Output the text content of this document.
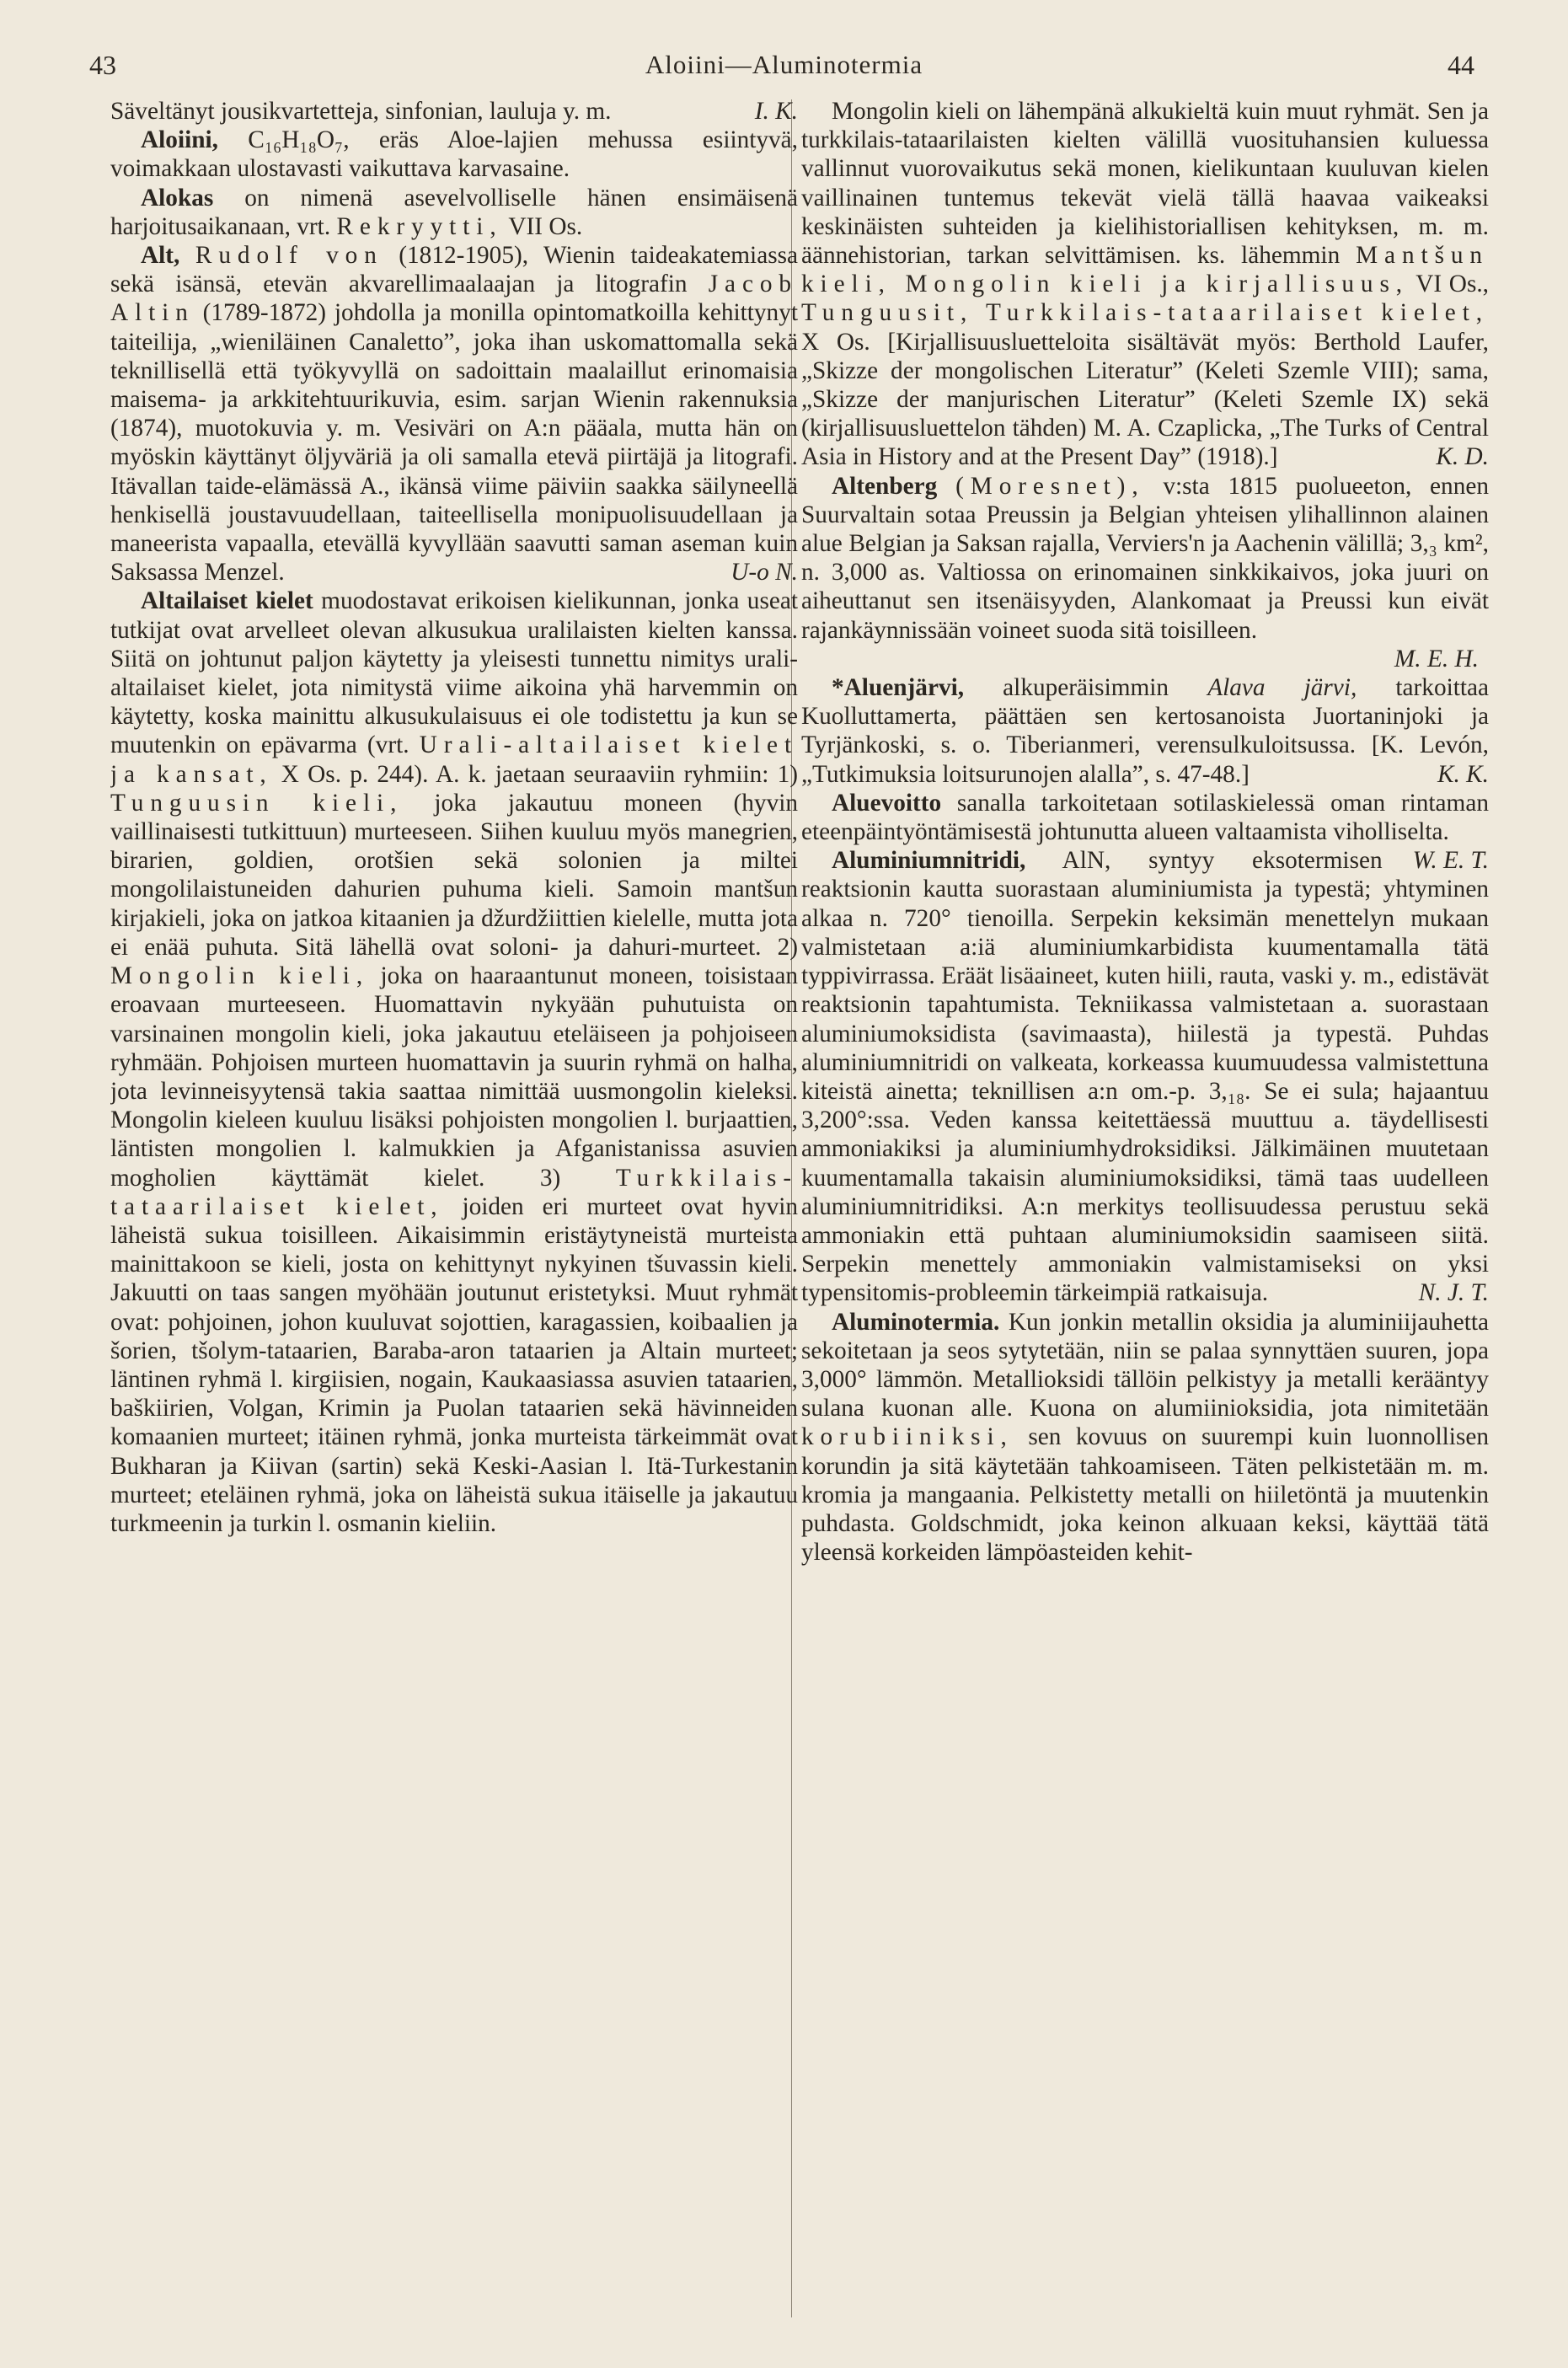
43	Aloiini—Aluminotermia	44

Säveltänyt jousikvartetteja, sinfonian, lauluja y. m.	I. K.

Aloiini, C₁₆H₁₈O₇, eräs Aloe-lajien mehussa esiintyvä, voimakkaan ulostavasti vaikuttava karvasaine.

Alokas on nimenä asevelvolliselle hänen ensimäisenä harjoitusaikanaan, vrt. Rekryytti, VII Os.

Alt, Rudolf von (1812-1905), Wienin taideakatemiassa sekä isänsä, etevän akvarellimaalaajan ja litografin Jacob Altin (1789-1872) johdolla ja monilla opintomatkoilla kehittynyt taiteilija, „wieniläinen Canaletto”, joka ihan uskomattomalla sekä teknillisellä että työkyvyllä on sadoittain maalaillut erinomaisia maisema- ja arkkitehtuurikuvia, esim. sarjan Wienin rakennuksia (1874), muotokuvia y. m. Vesiväri on A:n pääala, mutta hän on myöskin käyttänyt öljyväriä ja oli samalla etevä piirtäjä ja litografi. Itävallan taide-elämässä A., ikänsä viime päiviin saakka säilyneellä henkisellä joustavuudellaan, taiteellisella monipuolisuudellaan ja maneerista vapaalla, etevällä kyvyllään saavutti saman aseman kuin Saksassa Menzel.	U-o N.

Altailaiset kielet muodostavat erikoisen kielikunnan, jonka useat tutkijat ovat arvelleet olevan alkusukua uralilaisten kielten kanssa. Siitä on johtunut paljon käytetty ja yleisesti tunnettu nimitys urali-altailaiset kielet, jota nimitystä viime aikoina yhä harvemmin on käytetty, koska mainittu alkusukulaisuus ei ole todistettu ja kun se muutenkin on epävarma (vrt. Urali-altailaiset kielet ja kansat, X Os. p. 244). A. k. jaetaan seuraaviin ryhmiin: 1) Tunguusin kieli, joka jakautuu moneen (hyvin vaillinaisesti tutkittuun) murteeseen. Siihen kuuluu myös manegrien, birarien, goldien, orotšien sekä solonien ja miltei mongolilaistuneiden dahurien puhuma kieli. Samoin mantšun kirjakieli, joka on jatkoa kitaanien ja džurdžiittien kielelle, mutta jota ei enää puhuta. Sitä lähellä ovat soloni- ja dahuri-murteet. 2) Mongolin kieli, joka on haaraantunut moneen, toisistaan eroavaan murteeseen. Huomattavin nykyään puhutuista on varsinainen mongolin kieli, joka jakautuu eteläiseen ja pohjoiseen ryhmään. Pohjoisen murteen huomattavin ja suurin ryhmä on halha, jota levinneisyytensä takia saattaa nimittää uusmongolin kieleksi. Mongolin kieleen kuuluu lisäksi pohjoisten mongolien l. burjaattien, läntisten mongolien l. kalmukkien ja Afganistanissa asuvien mogholien käyttämät kielet. 3) Turkkilais-tataarilaiset kielet, joiden eri murteet ovat hyvin läheistä sukua toisilleen. Aikaisimmin eristäytyneistä murteista mainittakoon se kieli, josta on kehittynyt nykyinen tšuvassin kieli. Jakuutti on taas sangen myöhään joutunut eristetyksi. Muut ryhmät ovat: pohjoinen, johon kuuluvat sojottien, karagassien, koibaalien ja šorien, tšolym-tataarien, Baraba-aron tataarien ja Altain murteet; läntinen ryhmä l. kirgiisien, nogain, Kaukaasiassa asuvien tataarien, baškiirien, Volgan, Krimin ja Puolan tataarien sekä hävinneiden komaanien murteet; itäinen ryhmä, jonka murteista tärkeimmät ovat Bukharan ja Kiivan (sartin) sekä Keski-Aasian l. Itä-Turkestanin murteet; eteläinen ryhmä, joka on läheistä sukua itäiselle ja jakautuu turkmeenin ja turkin l. osmanin kieliin.

Mongolin kieli on lähempänä alkukieltä kuin muut ryhmät. Sen ja turkkilais-tataarilaisten kielten välillä vuosituhansien kuluessa vallinnut vuorovaikutus sekä monen, kielikuntaan kuuluvan kielen vaillinainen tuntemus tekevät vielä tällä haavaa vaikeaksi keskinäisten suhteiden ja kielihistoriallisen kehityksen, m. m. äännehistorian, tarkan selvittämisen. ks. lähemmin Mantšun kieli, Mongolin kieli ja kirjallisuus, VI Os., Tunguusit, Turkkilais-tataarilaiset kielet, X Os. [Kirjallisuusluetteloita sisältävät myös: Berthold Laufer, „Skizze der mongolischen Literatur” (Keleti Szemle VIII); sama, „Skizze der manjurischen Literatur” (Keleti Szemle IX) sekä (kirjallisuusluettelon tähden) M. A. Czaplicka, „The Turks of Central Asia in History and at the Present Day” (1918).]	K. D.

Altenberg (Moresnet), v:sta 1815 puolueeton, ennen Suurvaltain sotaa Preussin ja Belgian yhteisen ylihallinnon alainen alue Belgian ja Saksan rajalla, Verviers'n ja Aachenin välillä; 3,₃ km², n. 3,000 as. Valtiossa on erinomainen sinkkikaivos, joka juuri on aiheuttanut sen itsenäisyyden, Alankomaat ja Preussi kun eivät rajankäynnissään voineet suoda sitä toisilleen.
M. E. H.

*Aluenjärvi, alkuperäisimmin Alava järvi, tarkoittaa Kuolluttamerta, päättäen sen kertosanoista Juortaninjoki ja Tyrjänkoski, s. o. Tiberianmeri, verensulkuloitsussa. [K. Levón, „Tutkimuksia loitsurunojen alalla”, s. 47-48.]	K. K.

Aluevoitto sanalla tarkoitetaan sotilaskielessä oman rintaman eteenpäintyöntämisestä johtunutta alueen valtaamista viholliselta.
W. E. T.

Aluminiumnitridi, AlN, syntyy eksotermisen reaktsionin kautta suorastaan aluminiumista ja typestä; yhtyminen alkaa n. 720° tienoilla. Serpekin keksimän menettelyn mukaan valmistetaan a:iä aluminiumkarbidista kuumentamalla tätä typpivirrassa. Eräät lisäaineet, kuten hiili, rauta, vaski y. m., edistävät reaktsionin tapahtumista. Tekniikassa valmistetaan a. suorastaan aluminiumoksidista (savimaasta), hiilestä ja typestä. Puhdas aluminiumnitridi on valkeata, korkeassa kuumuudessa valmistettuna kiteistä ainetta; teknillisen a:n om.-p. 3,₁₈. Se ei sula; hajaantuu 3,200°:ssa. Veden kanssa keitettäessä muuttuu a. täydellisesti ammoniakiksi ja aluminiumhydroksidiksi. Jälkimäinen muutetaan kuumentamalla takaisin aluminiumoksidiksi, tämä taas uudelleen aluminiumnitridiksi. A:n merkitys teollisuudessa perustuu sekä ammoniakin että puhtaan aluminiumoksidin saamiseen siitä. Serpekin menettely ammoniakin valmistamiseksi on yksi typensitomis-probleemin tärkeimpiä ratkaisuja.	N. J. T.

Aluminotermia. Kun jonkin metallin oksidia ja aluminiijauhetta sekoitetaan ja seos sytytetään, niin se palaa synnyttäen suuren, jopa 3,000° lämmön. Metallioksidi tällöin pelkistyy ja metalli kerääntyy sulana kuonan alle. Kuona on alumiinioksidia, jota nimitetään korubiiniksi, sen kovuus on suurempi kuin luonnollisen korundin ja sitä käytetään tahkoamiseen. Täten pelkistetään m. m. kromia ja mangaania. Pelkistetty metalli on hiiletöntä ja muutenkin puhdasta. Goldschmidt, joka keinon alkuaan keksi, käyttää tätä yleensä korkeiden lämpöasteiden kehit-
